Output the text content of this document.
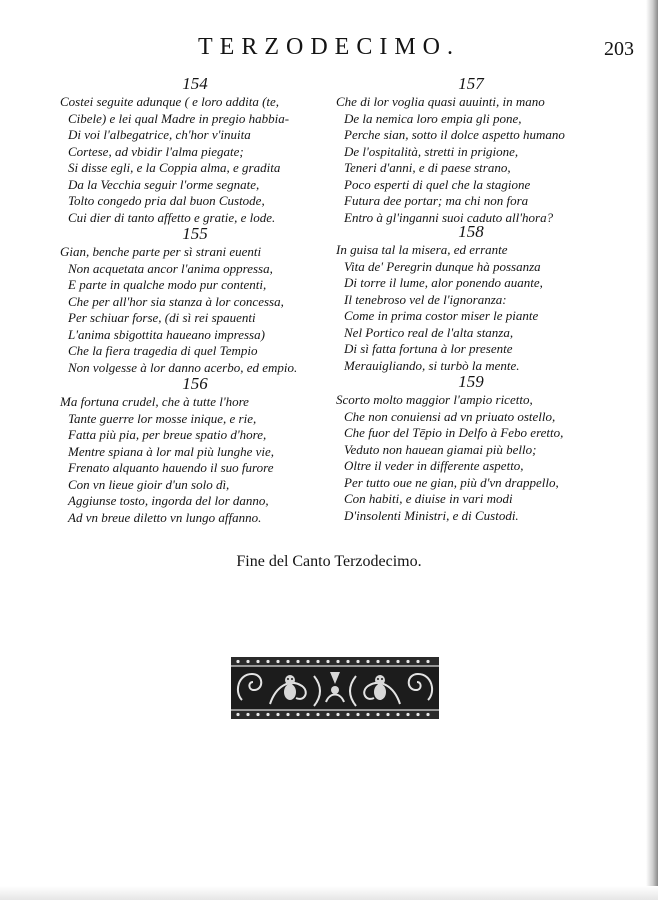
TERZODECIMO.	203
154
Costei seguite adunque ( e loro addita (te,
Cibele) e lei qual Madre in pregio habbia-
Di voi l'albegatrice, ch'hor v'inuita
Cortese, ad vbidir l'alma piegate;
Si disse egli, e la Coppia alma, e gradita
Da la Vecchia seguir l'orme segnate,
Tolto congedo pria dal buon Custode,
Cui dier di tanto affetto e gratie, e lode.
155
Gian, benche parte per sì strani euenti
Non acquetata ancor l'anima oppressa,
E parte in qualche modo pur contenti,
Che per all'hor sia stanza à lor concessa,
Per schiuar forse, (di sì rei spauenti
L'anima sbigottita haueano impressa)
Che la fiera tragedia di quel Tempio
Non volgesse à lor danno acerbo, ed empio.
156
Ma fortuna crudel, che à tutte l'hore
Tante guerre lor mosse inique, e rie,
Fatta più pia, per breue spatio d'hore,
Mentre spiana à lor mal più lunghe vie,
Frenato alquanto hauendo il suo furore
Con vn lieue gioir d'un solo dì,
Aggiunse tosto, ingorda del lor danno,
Ad vn breue diletto vn lungo affanno.
157
Che di lor voglia quasi auuinti, in mano
De la nemica loro empia gli pone,
Perche sian, sotto il dolce aspetto humano
De l'ospitalità, stretti in prigione,
Teneri d'anni, e di paese strano,
Poco esperti di quel che la stagione
Futura dee portar; ma chi non fora
Entro à gl'inganni suoi caduto all'hora?
158
In guisa tal la misera, ed errante
Vita de' Peregrin dunque hà possanza
Di torre il lume, alor ponendo auante,
Il tenebroso vel de l'ignoranza:
Come in prima costor miser le piante
Nel Portico real de l'alta stanza,
Di sì fatta fortuna à lor presente
Merauigliando, si turbò la mente.
159
Scorto molto maggior l'ampio ricetto,
Che non conuiensi ad vn priuato ostello,
Che fuor del Tēpio in Delfo à Febo eretto,
Veduto non hauean giamai più bello;
Oltre il veder in differente aspetto,
Per tutto oue ne gian, più d'vn drappello,
Con habiti, e diuise in vari modi
D'insolenti Ministri, e di Custodi.
Fine del Canto Terzodecimo.
